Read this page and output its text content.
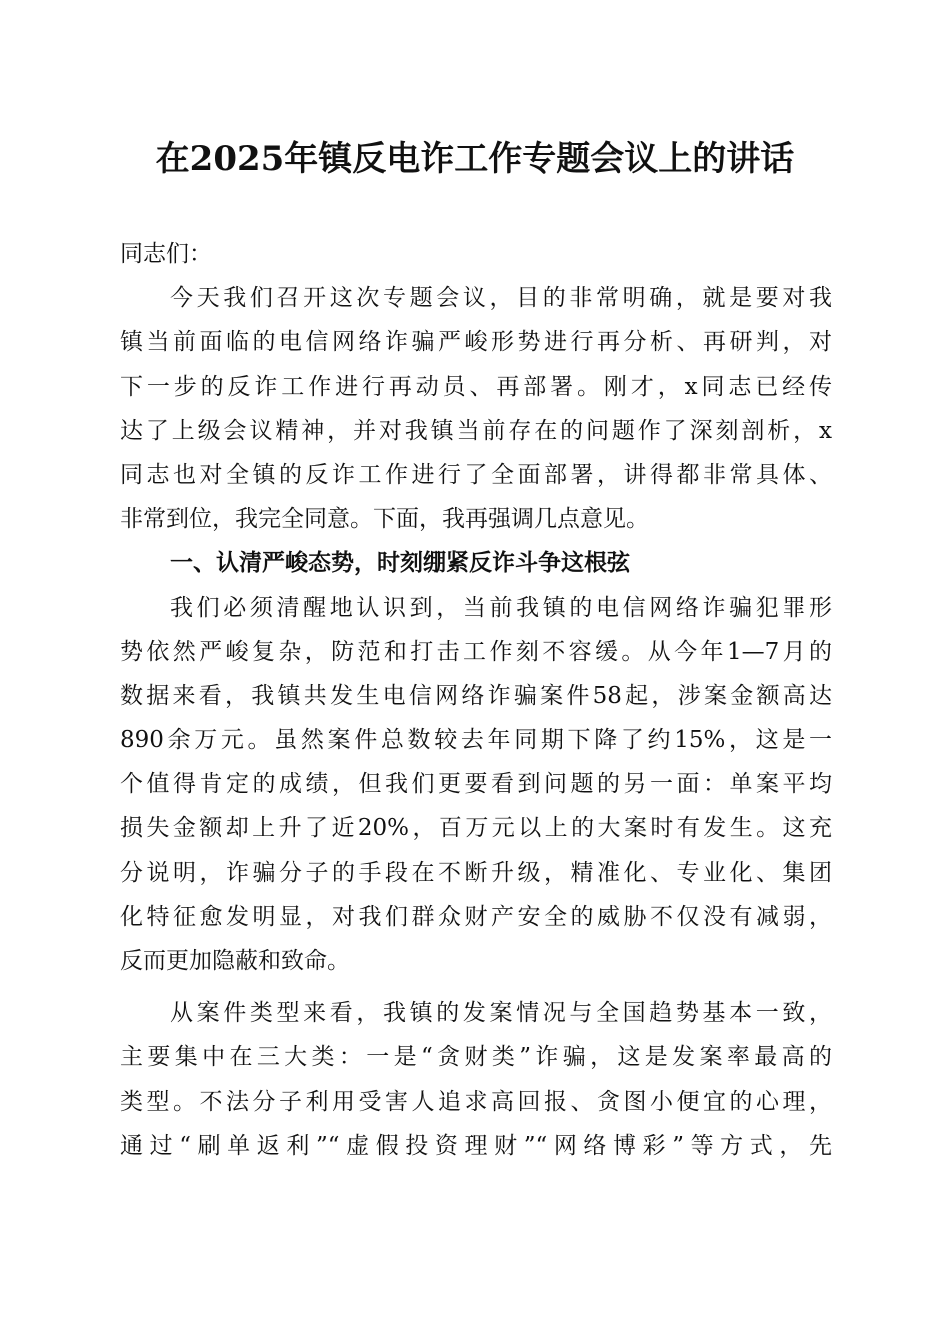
在2025年镇反电诈工作专题会议上的讲话
同志们：
今天我们召开这次专题会议，目的非常明确，就是要对我
镇当前面临的电信网络诈骗严峻形势进行再分析、再研判，对
下一步的反诈工作进行再动员、再部署。刚才，x同志已经传
达了上级会议精神，并对我镇当前存在的问题作了深刻剖析，x
同志也对全镇的反诈工作进行了全面部署，讲得都非常具体、
非常到位，我完全同意。下面，我再强调几点意见。
一、认清严峻态势，时刻绷紧反诈斗争这根弦
我们必须清醒地认识到，当前我镇的电信网络诈骗犯罪形
势依然严峻复杂，防范和打击工作刻不容缓。从今年1—7月的
数据来看，我镇共发生电信网络诈骗案件58起，涉案金额高达
890余万元。虽然案件总数较去年同期下降了约15%，这是一
个值得肯定的成绩，但我们更要看到问题的另一面：单案平均
损失金额却上升了近20%，百万元以上的大案时有发生。这充
分说明，诈骗分子的手段在不断升级，精准化、专业化、集团
化特征愈发明显，对我们群众财产安全的威胁不仅没有减弱，
反而更加隐蔽和致命。
从案件类型来看，我镇的发案情况与全国趋势基本一致，
主要集中在三大类：一是“贪财类”诈骗，这是发案率最高的
类型。不法分子利用受害人追求高回报、贪图小便宜的心理，
通过“刷单返利”“虚假投资理财”“网络博彩”等方式，先
